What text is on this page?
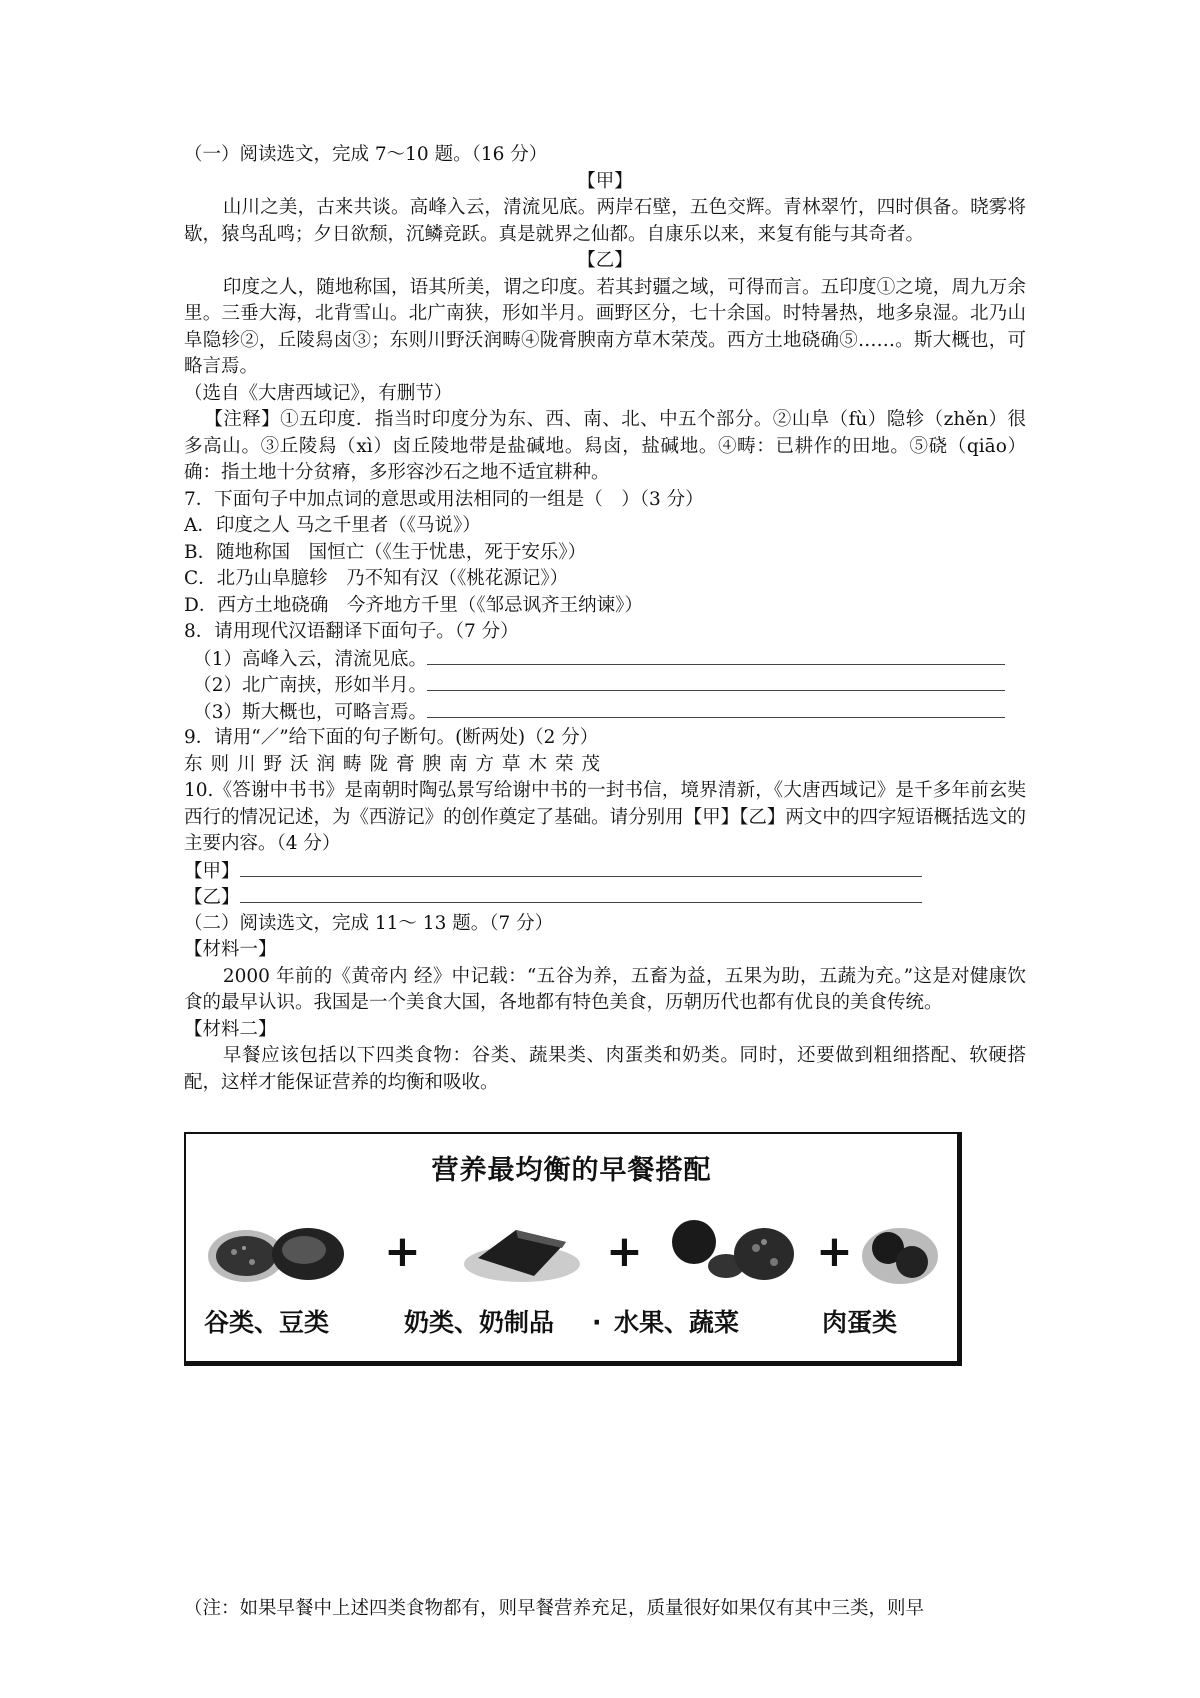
（一）阅读选文，完成 7～10 题。（16 分）
【甲】
山川之美，古来共谈。高峰入云，清流见底。两岸石壁，五色交辉。青林翠竹，四时俱备。晓雾将歇，猿鸟乱鸣；夕日欲颓，沉鳞竞跃。真是就界之仙都。自康乐以来，来复有能与其奇者。
【乙】
印度之人，随地称国，语其所美，谓之印度。若其封疆之域，可得而言。五印度①之境，周九万余里。三垂大海，北背雪山。北广南狭，形如半月。画野区分，七十余国。时特暑热，地多泉湿。北乃山阜隐轸②，丘陵舄卤③；东则川野沃润畴④陇膏腴南方草木荣茂。西方土地硗确⑤……。斯大概也，可略言焉。
（选自《大唐西域记》，有删节）
【注释】①五印度．指当时印度分为东、西、南、北、中五个部分。②山阜（fù）隐轸（zhěn）很多高山。③丘陵舄（xì）卤丘陵地带是盐碱地。舄卤，盐碱地。④畴：已耕作的田地。⑤硗（qiāo）确：指土地十分贫瘠，多形容沙石之地不适宜耕种。
7．下面句子中加点词的意思或用法相同的一组是（　）（3 分）
A．印度之人 马之千里者（《马说》）
B．随地称国　国恒亡（《生于忧患，死于安乐》）
C．北乃山阜臆轸　乃不知有汉（《桃花源记》）
D．西方土地硗确　今齐地方千里（《邹忌讽齐王纳谏》）
8．请用现代汉语翻译下面句子。（7 分）
（1）高峰入云，清流见底。
（2）北广南挟，形如半月。
（3）斯大概也，可略言焉。
9．请用“／”给下面的句子断句。(断两处)（2 分）
东则川野沃润畴陇膏腴南方草木荣茂
10.《答谢中书书》是南朝时陶弘景写给谢中书的一封书信，境界清新，《大唐西域记》是千多年前玄奘西行的情况记述，为《西游记》的创作奠定了基础。请分别用【甲】【乙】两文中的四字短语概括选文的主要内容。（4 分）
【甲】
【乙】
（二）阅读选文，完成 11～ 13 题。（7 分）
【材料一】
2000 年前的《黄帝内 经》中记载：“五谷为养，五畜为益，五果为助，五蔬为充。”这是对健康饮食的最早认识。我国是一个美食大国，各地都有特色美食，历朝历代也都有优良的美食传统。
【材料二】
早餐应该包括以下四类食物：谷类、蔬果类、肉蛋类和奶类。同时，还要做到粗细搭配、软硬搭配，这样才能保证营养的均衡和吸收。
营养最均衡的早餐搭配
+	+	+
谷类、豆类	奶类、奶制品 · 水果、蔬菜	肉蛋类
（注：如果早餐中上述四类食物都有，则早餐营养充足，质量很好如果仅有其中三类，则早
